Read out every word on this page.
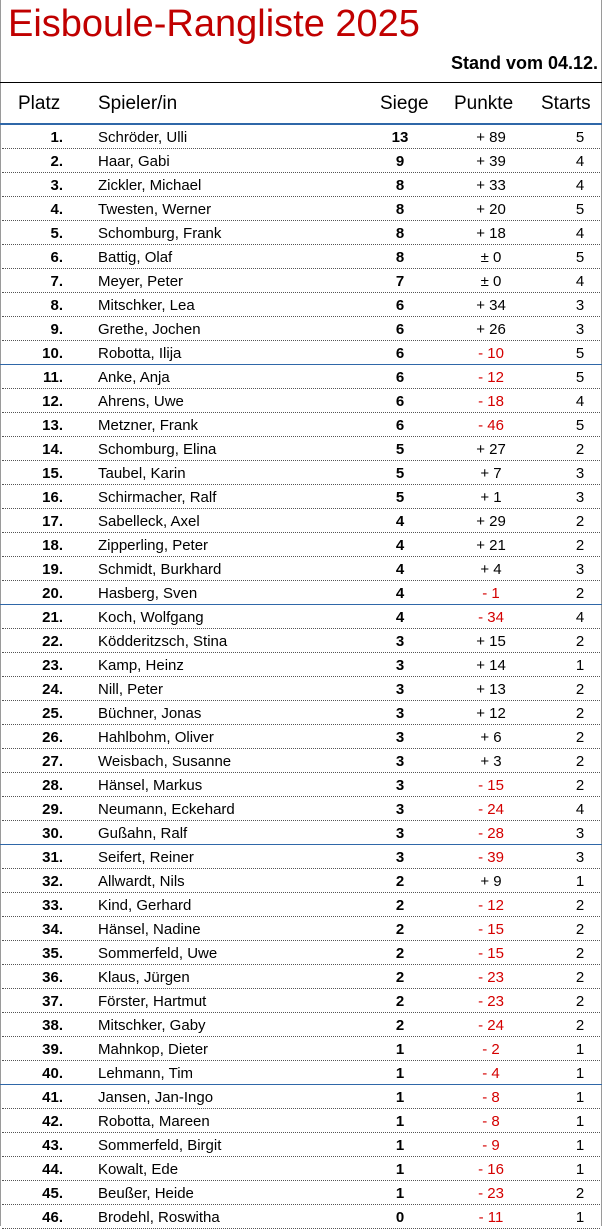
Eisboule-Rangliste 2025
Stand vom 04.12.
Platz Spieler/in	Siege Punkte Starts
1. Schröder, Ulli	13	+ 89	5
2. Haar, Gabi	9	+ 39	4
3. Zickler, Michael	8	+ 33	4
4. Twesten, Werner	8	+ 20	5
5. Schomburg, Frank	8	+ 18	4
6. Battig, Olaf	8	± 0	5
7. Meyer, Peter	7	± 0	4
8. Mitschker, Lea	6	+ 34	3
9. Grethe, Jochen	6	+ 26	3
10. Robotta, Ilija	6	- 10	5
11. Anke, Anja	6	- 12	5
12. Ahrens, Uwe	6	- 18	4
13. Metzner, Frank	6	- 46	5
14. Schomburg, Elina	5	+ 27	2
15. Taubel, Karin	5	+ 7	3
16. Schirmacher, Ralf	5	+ 1	3
17. Sabelleck, Axel	4	+ 29	2
18. Zipperling, Peter	4	+ 21	2
19. Schmidt, Burkhard	4	+ 4	3
20. Hasberg, Sven	4	- 1	2
21. Koch, Wolfgang	4	- 34	4
22. Ködderitzsch, Stina	3	+ 15	2
23. Kamp, Heinz	3	+ 14	1
24. Nill, Peter	3	+ 13	2
25. Büchner, Jonas	3	+ 12	2
26. Hahlbohm, Oliver	3	+ 6	2
27. Weisbach, Susanne	3	+ 3	2
28. Hänsel, Markus	3	- 15	2
29. Neumann, Eckehard	3	- 24	4
30. Gußahn, Ralf	3	- 28	3
31. Seifert, Reiner	3	- 39	3
32. Allwardt, Nils	2	+ 9	1
33. Kind, Gerhard	2	- 12	2
34. Hänsel, Nadine	2	- 15	2
35. Sommerfeld, Uwe	2	- 15	2
36. Klaus, Jürgen	2	- 23	2
37. Förster, Hartmut	2	- 23	2
38. Mitschker, Gaby	2	- 24	2
39. Mahnkop, Dieter	1	- 2	1
40. Lehmann, Tim	1	- 4	1
41. Jansen, Jan-Ingo	1	- 8	1
42. Robotta, Mareen	1	- 8	1
43. Sommerfeld, Birgit	1	- 9	1
44. Kowalt, Ede	1	- 16	1
45. Beußer, Heide	1	- 23	2
46. Brodehl, Roswitha	0	- 11	1
